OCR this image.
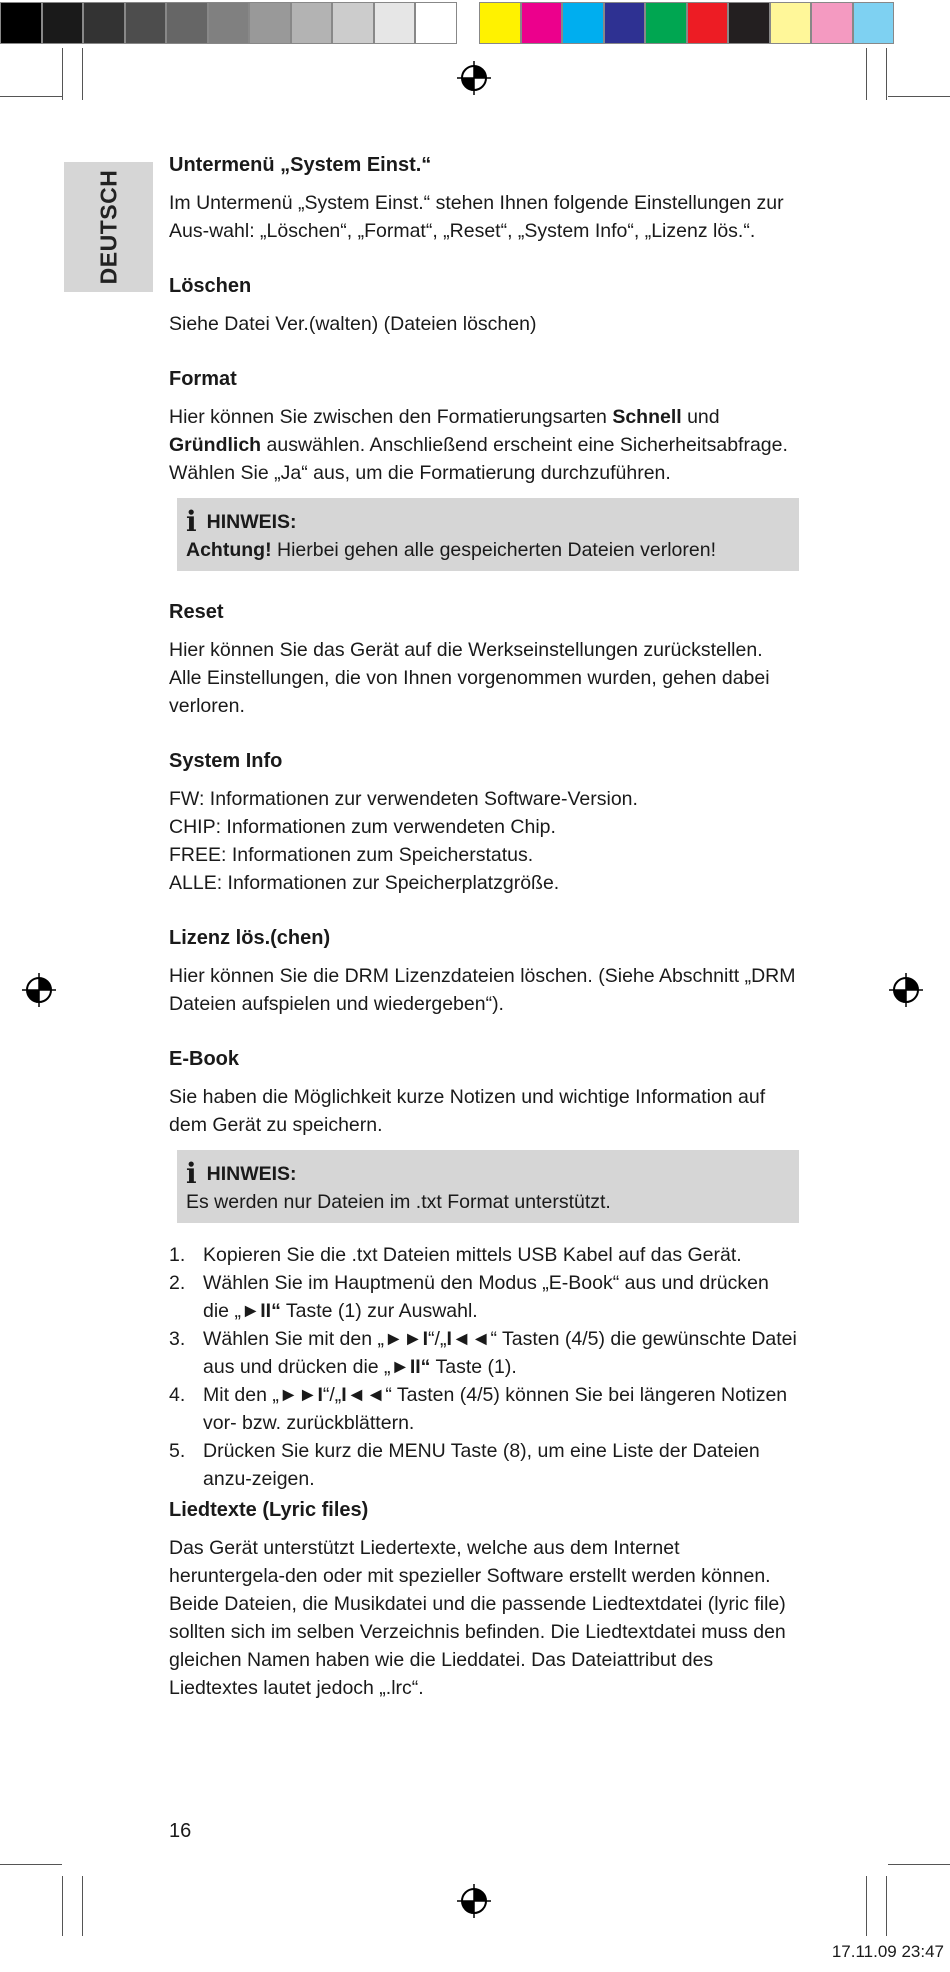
DEUTSCH
Untermenü „System Einst.“

Im Untermenü „System Einst.“ stehen Ihnen folgende Einstellungen zur Aus-wahl: „Löschen“, „Format“, „Reset“, „System Info“, „Lizenz lös.“.

Löschen

Siehe Datei Ver.(walten) (Dateien löschen)

Format

Hier können Sie zwischen den Formatierungsarten Schnell und Gründlich auswählen. Anschließend erscheint eine Sicherheitsabfrage. Wählen Sie „Ja“ aus, um die Formatierung durchzuführen.

i HINWEIS:
Achtung! Hierbei gehen alle gespeicherten Dateien verloren!
Reset

Hier können Sie das Gerät auf die Werkseinstellungen zurückstellen. Alle Einstellungen, die von Ihnen vorgenommen wurden, gehen dabei verloren.

System Info
FW: Informationen zur verwendeten Software-Version.
CHIP: Informationen zum verwendeten Chip.
FREE: Informationen zum Speicherstatus.
ALLE: Informationen zur Speicherplatzgröße.
Lizenz lös.(chen)

Hier können Sie die DRM Lizenzdateien löschen. (Siehe Abschnitt „DRM Dateien aufspielen und wiedergeben“).

E-Book

Sie haben die Möglichkeit kurze Notizen und wichtige Information auf dem Gerät zu speichern.

i HINWEIS:
Es werden nur Dateien im .txt Format unterstützt.
1. Kopieren Sie die .txt Dateien mittels USB Kabel auf das Gerät.
2. Wählen Sie im Hauptmenü den Modus „E-Book“ aus und drücken die „►II“ Taste (1) zur Auswahl.
3. Wählen Sie mit den „►►I“/„I◄◄“ Tasten (4/5) die gewünschte Datei aus und drücken die „►II“ Taste (1).
4. Mit den „►►I“/„I◄◄“ Tasten (4/5) können Sie bei längeren Notizen vor- bzw. zurückblättern.
5. Drücken Sie kurz die MENU Taste (8), um eine Liste der Dateien anzu-zeigen.
Liedtexte (Lyric files)

Das Gerät unterstützt Liedertexte, welche aus dem Internet heruntergela-den oder mit spezieller Software erstellt werden können. Beide Dateien, die Musikdatei und die passende Liedtextdatei (lyric file) sollten sich im selben Verzeichnis befinden. Die Liedtextdatei muss den gleichen Namen haben wie die Lieddatei. Das Dateiattribut des Liedtextes lautet jedoch „.lrc“.

16
17.11.09 23:47
